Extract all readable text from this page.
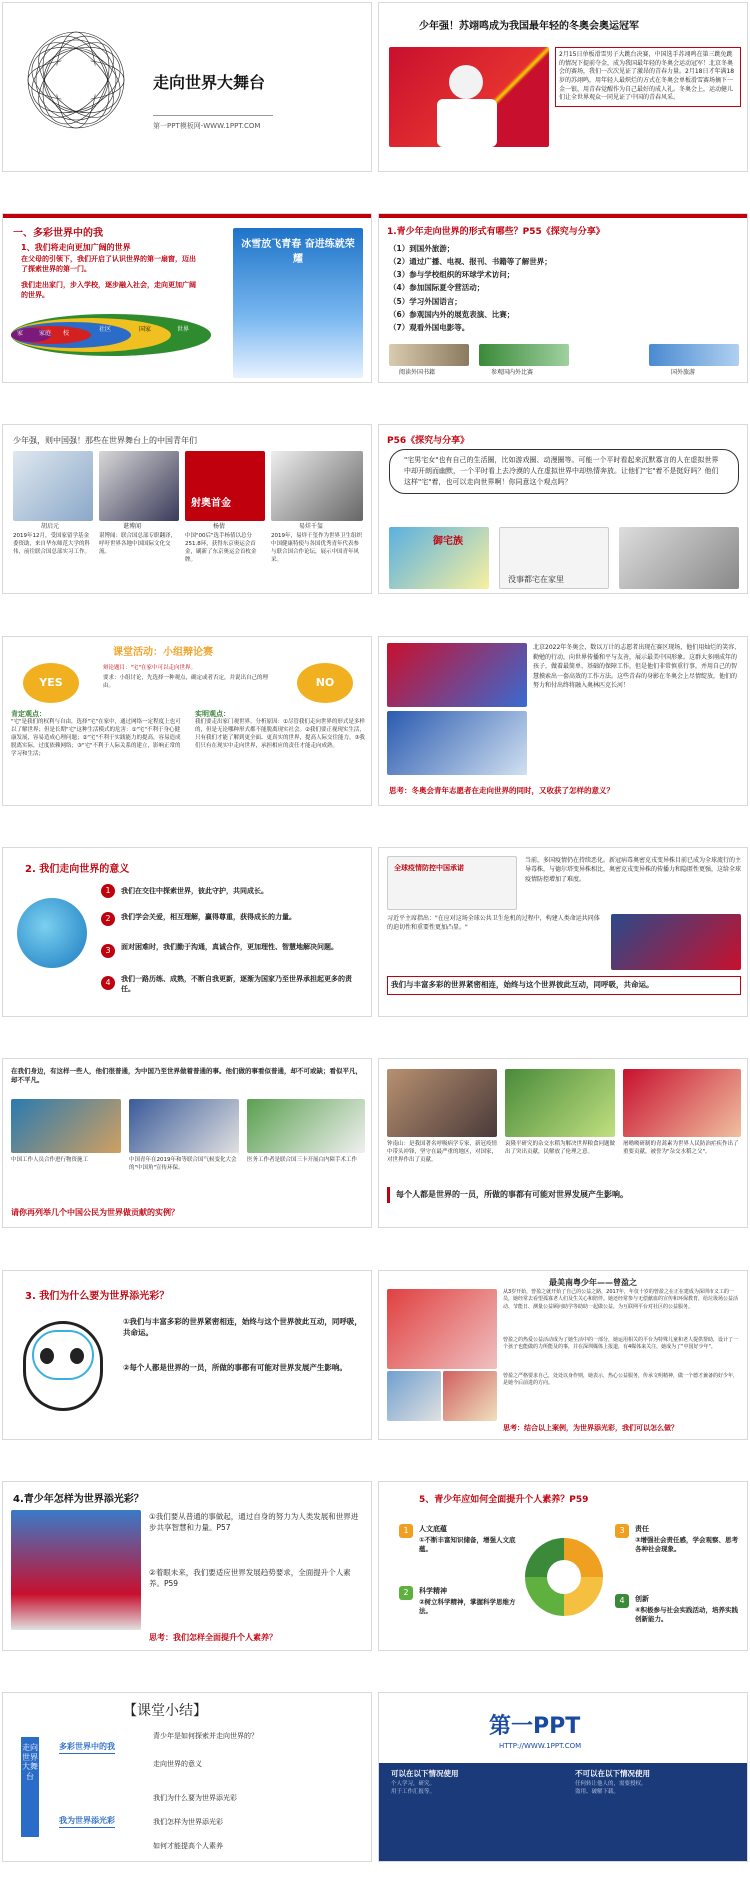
走向世界大舞台
第一PPT模板网-WWW.1PPT.COM
少年强！苏翊鸣成为我国最年轻的冬奥会奥运冠军
2月15日单板滑雪男子大跳台决赛，中国选手苏翊鸣在第三跳免跳的情况下提前夺金，成为我国最年轻的冬奥会运动冠军！北京冬奥会的赛场，我们一次次见证了激昂的青春力量。2月18日才年满18岁的苏翊鸣，用年轻人最炽烂的方式在冬奥会单板滑雪赛场摘下一金一银，用青春觉醒作为自己最好的成人礼。冬奥会上，运动健儿们让全世界观众一同见证了中国的青春风采。
一、多彩世界中的我
1、我们将走向更加广阔的世界
在父母的引领下，我们开启了认识世界的第一扇窗，迈出了探索世界的第一门。
我们走出家门，步入学校，逐步融入社会，走向更加广阔的世界。
家	家庭 校
社区	国家	世界
冰雪放飞青春 奋进练就荣耀
1.青少年走向世界的形式有哪些？P55《探究与分享》
（1）到国外旅游；
（2）通过广播、电视、报刊、书籍等了解世界；
（3）参与学校组织的环球学术访问；
（4）参加国际夏令营活动；
（5）学习外国语言；
（6）参观国内外的展览表演、比赛；
（7）观看外国电影等。
阅读外国书籍	参观国内外比赛	国外旅游
少年强，则中国强！那些在世界舞台上的中国青年们
射奥首金
胡启元	谌博闻	杨倩	易烊千玺
2019年12月，受国家留学基金委资助，来自华东师范大学的科伟，前往联合国总部实习工作。
谌博闻：联合国总部专职翻译，呼吁世界各地中国国际文化交流。
中国"00后"选手杨倩以总分251.8环，获得东京奥运会首金，刷新了东京奥运会首枚金牌。
2019年，易烊千玺作为世界卫生组织中国健康特使与各国优秀青年代表参与联合国合作论坛，展示中国青年风采。
P56《探究与分享》
"宅男宅女"也有自己的生活圈，比如游戏圈、动漫圈等。可能一个平时看起来沉默寡言的人在虚拟世界中却开朗而幽默，一个平时看上去冷漠的人在虚拟世界中却热情奔放。让他们"宅"着不是挺好吗？他们这样"宅"着，也可以走向世界啊！你同意这个观点吗？
御宅族
没事都宅在家里
课堂活动：小组辩论赛
YES	NO
辩论题目："宅"在家中可以走向世界。
要求：小组讨论，先选择一种观点，确定或者否定，并说出自己的理由。
肯定观点：
"宅"是我们的权利与自由，选择"宅"在家中，通过网络一定程度上也可以了解世界；但是长期"宅"这种生活模式的危害：①"宅"不利于身心健康发展，容易造成心理问题；②"宅"不利于实践能力的提高，容易造成脱离实际，过度依赖网络；③"宅"不利于人际关系的建立，影响正常的学习和生活；
实明观点：
我们要走出家门观世界。分析原因：①尽管我们走向世界的形式是多样的，但是无论哪种形式都不能脱离现实社会。②我们要正视现实生活，只有我们才能了解到更全面、更真实的世界，提高人际交往能力。③我们只有在现实中走向世界，承担相应的责任才能走向成熟。
北京2022年冬奥会，数以万计的志愿者出现在赛区现场，他们用灿烂的笑容、勤勉的行动，向世界传播和平与友善，展示最美中国形象。这群大多刚成年的孩子，做着最简单、基础的保障工作，但是他们非常慎重行事，并用自己的智慧摸索出一套高效的工作方法。这些青春的身影在冬奥会上尽情绽放，他们的努力和付出终将融入奥林匹克长河！
思考：冬奥会青年志愿者在走向世界的同时，又收获了怎样的意义？
2. 我们走向世界的意义
1
2
3
4
我们在交往中探索世界，彼此守护，共同成长。
我们学会关爱，相互理解，赢得尊重，获得成长的力量。
面对困难时，我们勤于沟通，真诚合作，更加理性、智慧地解决问题。
我们一路历练、成熟，不断自我更新，逐渐为国家乃至世界承担起更多的责任。
全球疫情防控中国承诺
当前，多国疫情仍在持续恶化。新冠病毒奥密克戎变异株目前已成为全球流行的主导毒株，与德尔塔变异株相比，奥密克戎变异株的传播力和隐匿性更强，这给全球疫情防控增加了难度。
习近平主席指出："在应对这场全球公共卫生危机的过程中，构建人类命运共同体的迫切性和重要性更加凸显。"
我们与丰富多彩的世界紧密相连，始终与这个世界彼此互动，同呼吸，共命运。
在我们身边，有这样一些人，他们很普通，为中国乃至世界做着普通的事。他们做的事看似普通，却不可或缺；看似平凡，却不平凡。
中国工作人员合作进行物资施工	中国青年在2019年和等联合国气候变化大会的"中国角"宣传环保。
医务工作者是联合国三卡开展白内障手术工作
请你再列举几个中国公民为世界做贡献的实例？
钟南山：是我国著名呼吸病学专家，新冠疫情中带头冲锋，坚守在最严重的地区，对国家，对世界作出了贡献。
袁隆平研究的杂交水稻为解决世界粮食问题做出了突出贡献，民解放了伦理之意。
屠呦呦研制的青蒿素为世界人民防治疟疾作出了重要贡献，被誉为"杂交水稻之父"。
每个人都是世界的一员，所做的事都有可能对世界发展产生影响。
3. 我们为什么要为世界添光彩？
①我们与丰富多彩的世界紧密相连，始终与这个世界彼此互动，同呼吸，共命运。
②每个人都是世界的一员，所做的事都有可能对世界发展产生影响。
最美南粤少年——曾盈之
从3岁开始，曾盈之就开始了自己的公益之路，2017年，年仅十岁的曾盈之在正在建成为深圳市义工的一员，她经常去看望孤寡老人们及生关心和陪伴。她还经常参与无偿献血的宣传和环保教育，给垃圾场公益活动、节能日、测量公益顾问助学等助助一起做公益，为互联网平台对社区的公益服务。
曾盈之的热爱公益活动成为了她生活中的一部分，她运用相关的平台为特殊儿童和老人提供帮助，设计了一个孩子也能做的力所能及的事，并在深圳媒体上报道，有4媒体来关注，她成为了"中国好少年"。
曾盈之严格要求自己，处处以身作则，她表示，热心公益服务，传承文明精神，做一个德才兼备的好少年，是她今后前进的方向。
思考：结合以上案例，为世界添光彩，我们可以怎么做？
4.青少年怎样为世界添光彩？
①我们要从普通的事做起，通过自身的努力为人类发展和世界进步共享智慧和力量。P57
②着眼未来，我们要适应世界发展趋势要求，全面提升个人素养。P59
思考：我们怎样全面提升个人素养？
5、青少年应如何全面提升个人素养？P59
1	人文底蕴
①不断丰富知识储备，增强人文底蕴。
2	科学精神
②树立科学精神，掌握科学思维方法。
3	责任
③增强社会责任感，学会观察、思考各种社会现象。
4	创新
④积极参与社会实践活动，培养实践创新能力。
【课堂小结】
走向世界大舞台
多彩世界中的我
我为世界添光彩
青少年是如何探索并走向世界的？
走向世界的意义
我们为什么要为世界添光彩
我们怎样为世界添光彩
如何才能提高个人素养
第一PPT
HTTP://WWW.1PPT.COM
可以在以下情况使用
个人学习，研究。
用于工作汇报等。
不可以在以下情况使用
任何转让他人的，需要授权。
盗用、破解下载。
